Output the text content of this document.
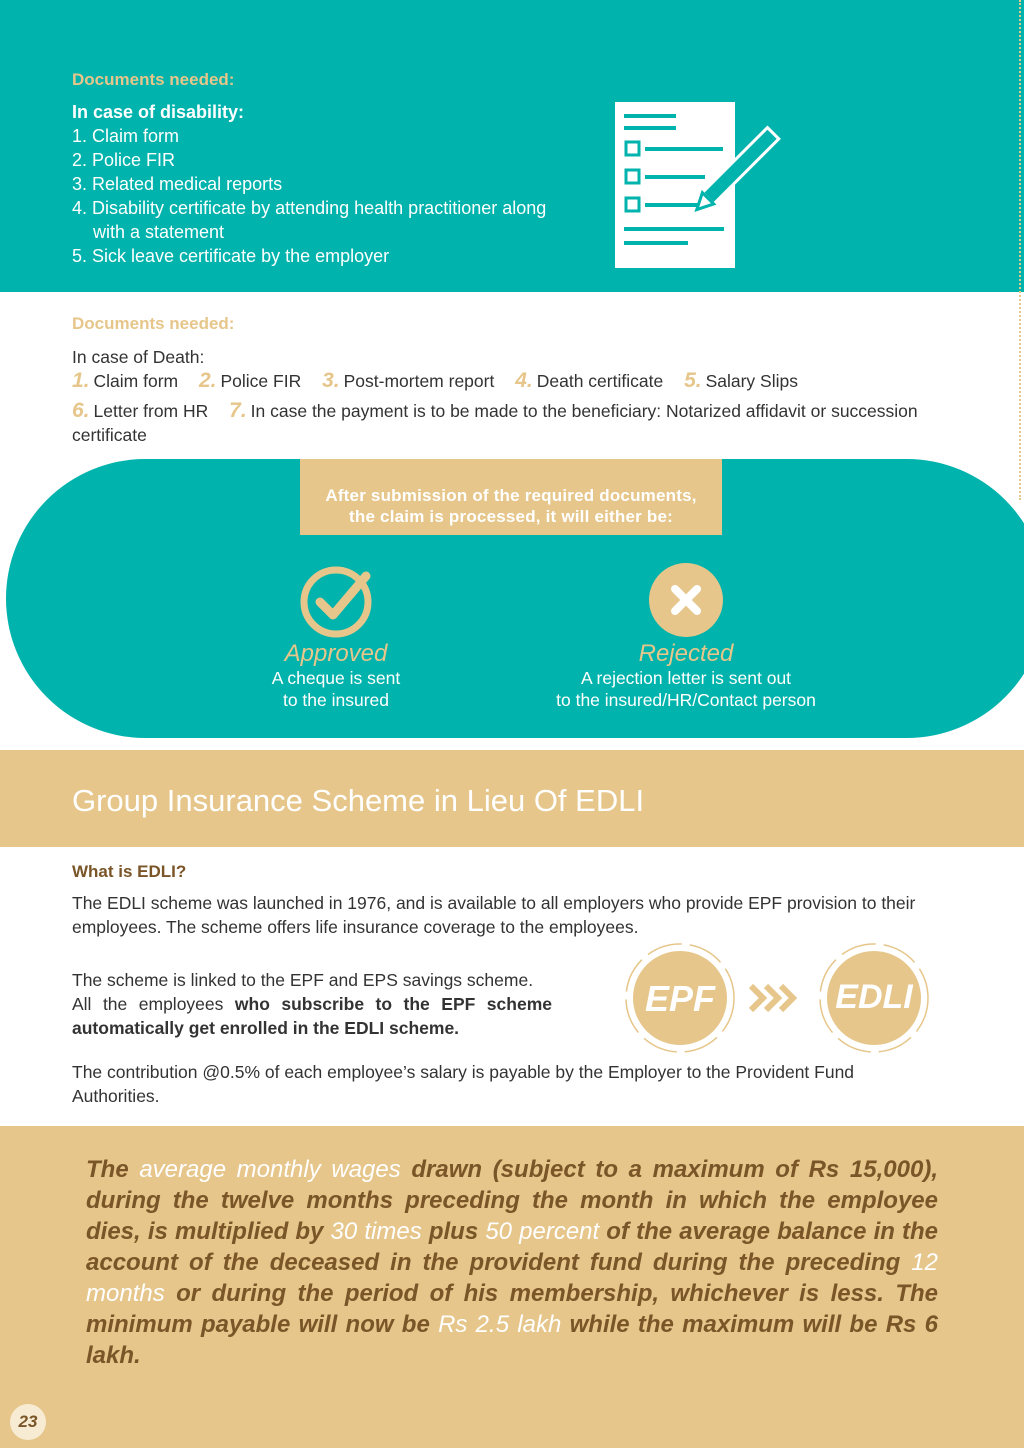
Documents needed:
In case of disability:
1. Claim form
2. Police FIR
3. Related medical reports
4. Disability certificate by attending health practitioner along with a statement
5. Sick leave certificate by the employer
Documents needed:
In case of Death:
1. Claim form 2. Police FIR 3. Post-mortem report 4. Death certificate 5. Salary Slips
6. Letter from HR 7. In case the payment is to be made to the beneficiary: Notarized affidavit or succession certificate
After submission of the required documents,
the claim is processed, it will either be:
Approved
A cheque is sent
to the insured
Rejected
A rejection letter is sent out
to the insured/HR/Contact person
Group Insurance Scheme in Lieu Of EDLI
What is EDLI?
The EDLI scheme was launched in 1976, and is available to all employers who provide EPF provision to their employees. The scheme offers life insurance coverage to the employees.
The scheme is linked to the EPF and EPS savings scheme.
All the employees who subscribe to the EPF scheme
automatically get enrolled in the EDLI scheme.
EPF	EDLI
The contribution @0.5% of each employee’s salary is payable by the Employer to the Provident Fund Authorities.
The average monthly wages drawn (subject to a maximum of Rs 15,000), during the twelve months preceding the month in which the employee dies, is multiplied by 30 times plus 50 percent of the average balance in the account of the deceased in the provident fund during the preceding 12 months or during the period of his membership, whichever is less. The minimum payable will now be Rs 2.5 lakh while the maximum will be Rs 6 lakh.
23
